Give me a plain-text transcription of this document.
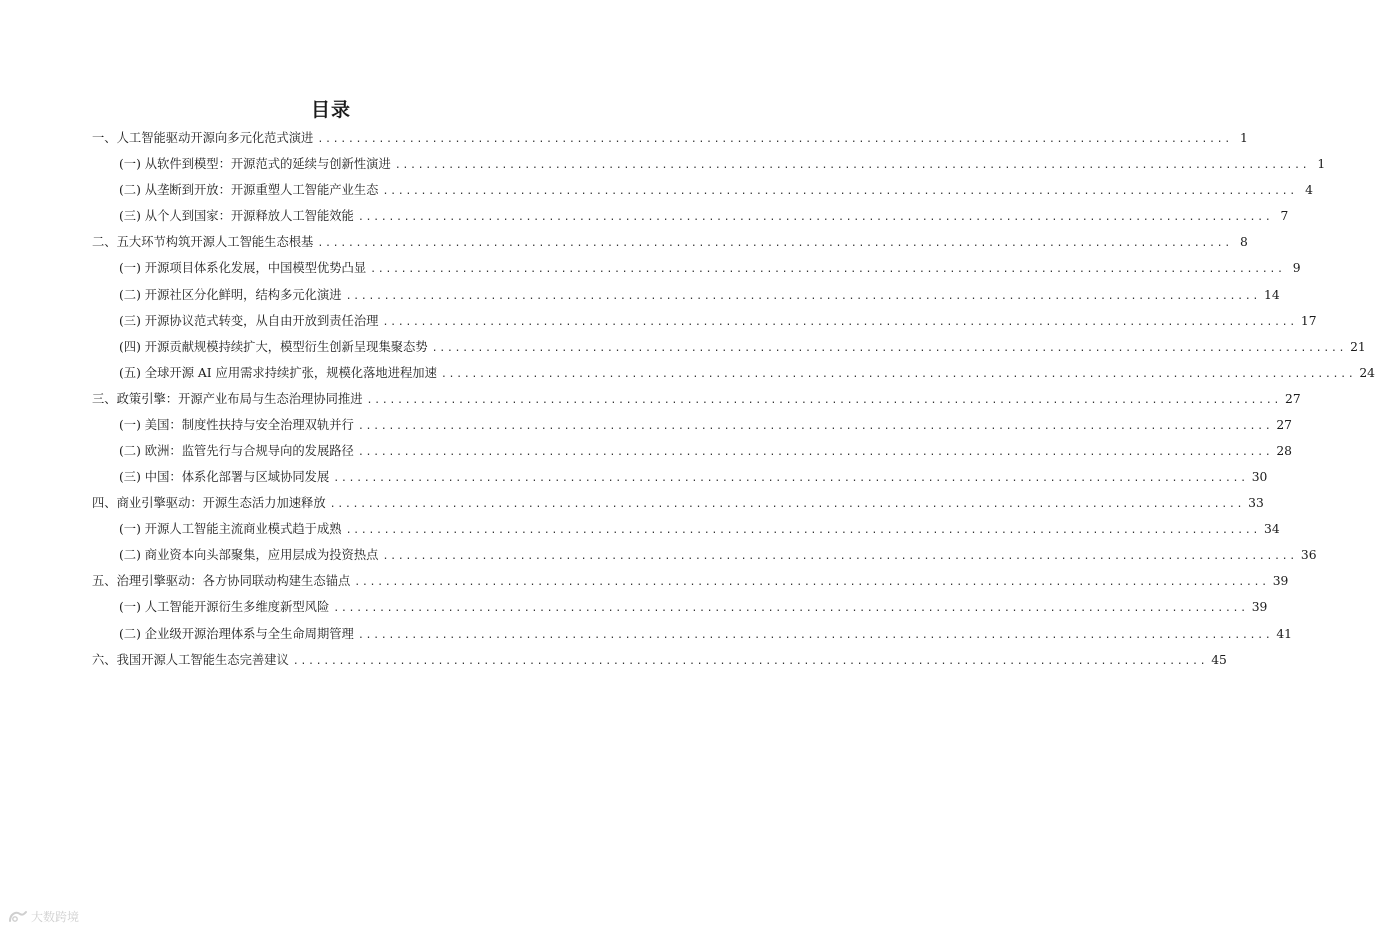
目录
一、人工智能驱动开源向多元化范式演进 ........................................................................................................................ 1
(一) 从软件到模型：开源范式的延续与创新性演进 ........................................................................................................................ 1
(二) 从垄断到开放：开源重塑人工智能产业生态 ........................................................................................................................ 4
(三) 从个人到国家：开源释放人工智能效能 ........................................................................................................................ 7
二、五大环节构筑开源人工智能生态根基 ........................................................................................................................ 8
(一) 开源项目体系化发展，中国模型优势凸显 ........................................................................................................................ 9
(二) 开源社区分化鲜明，结构多元化演进 ........................................................................................................................ 14
(三) 开源协议范式转变，从自由开放到责任治理 ........................................................................................................................ 17
(四) 开源贡献规模持续扩大，模型衍生创新呈现集聚态势 ........................................................................................................................ 21
(五) 全球开源 AI 应用需求持续扩张，规模化落地进程加速 ........................................................................................................................ 24
三、政策引擎：开源产业布局与生态治理协同推进 ........................................................................................................................ 27
(一) 美国：制度性扶持与安全治理双轨并行 ........................................................................................................................ 27
(二) 欧洲：监管先行与合规导向的发展路径 ........................................................................................................................ 28
(三) 中国：体系化部署与区域协同发展 ........................................................................................................................ 30
四、商业引擎驱动：开源生态活力加速释放 ........................................................................................................................ 33
(一) 开源人工智能主流商业模式趋于成熟 ........................................................................................................................ 34
(二) 商业资本向头部聚集，应用层成为投资热点 ........................................................................................................................ 36
五、治理引擎驱动：各方协同联动构建生态锚点 ........................................................................................................................ 39
(一) 人工智能开源衍生多维度新型风险 ........................................................................................................................ 39
(二) 企业级开源治理体系与全生命周期管理 ........................................................................................................................ 41
六、我国开源人工智能生态完善建议 ........................................................................................................................ 45
大数跨境
